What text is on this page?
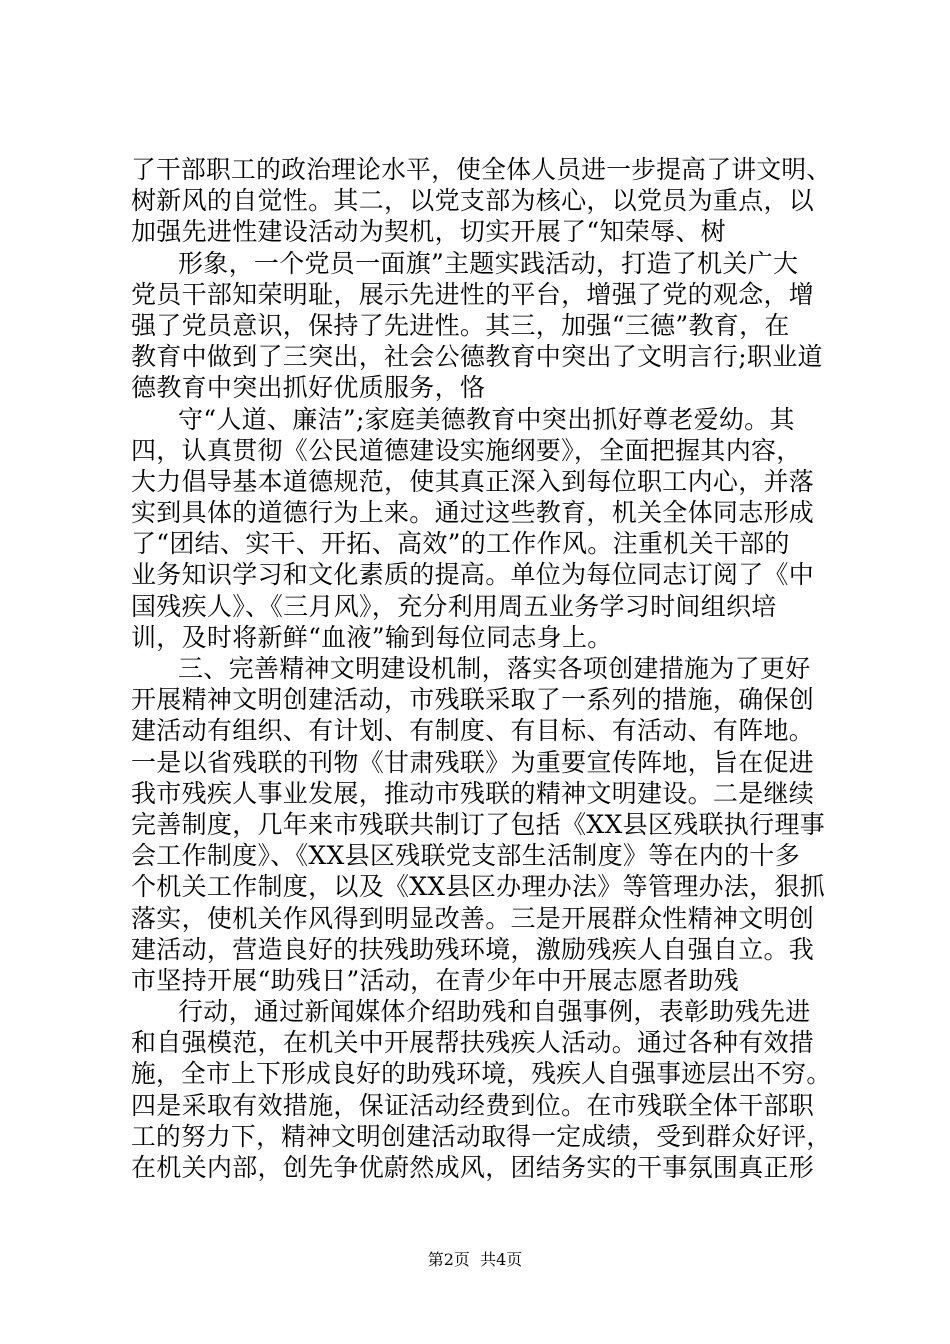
了干部职工的政治理论水平，使全体人员进一步提高了讲文明、
树新风的自觉性。其二，以党支部为核心，以党员为重点，以
加强先进性建设活动为契机，切实开展了“知荣辱、树
形象，一个党员一面旗”主题实践活动，打造了机关广大
党员干部知荣明耻，展示先进性的平台，增强了党的观念，增
强了党员意识，保持了先进性。其三，加强“三德”教育，在
教育中做到了三突出，社会公德教育中突出了文明言行;职业道
德教育中突出抓好优质服务，恪
守“人道、廉洁”;家庭美德教育中突出抓好尊老爱幼。其
四，认真贯彻《公民道德建设实施纲要》，全面把握其内容，
大力倡导基本道德规范，使其真正深入到每位职工内心，并落
实到具体的道德行为上来。通过这些教育，机关全体同志形成
了“团结、实干、开拓、高效”的工作作风。注重机关干部的
业务知识学习和文化素质的提高。单位为每位同志订阅了《中
国残疾人》、《三月风》，充分利用周五业务学习时间组织培
训，及时将新鲜“血液”输到每位同志身上。
三、完善精神文明建设机制，落实各项创建措施为了更好
开展精神文明创建活动，市残联采取了一系列的措施，确保创
建活动有组织、有计划、有制度、有目标、有活动、有阵地。
一是以省残联的刊物《甘肃残联》为重要宣传阵地，旨在促进
我市残疾人事业发展，推动市残联的精神文明建设。二是继续
完善制度，几年来市残联共制订了包括《XX县区残联执行理事
会工作制度》、《XX县区残联党支部生活制度》等在内的十多
个机关工作制度，以及《XX县区办理办法》等管理办法，狠抓
落实，使机关作风得到明显改善。三是开展群众性精神文明创
建活动，营造良好的扶残助残环境，激励残疾人自强自立。我
市坚持开展“助残日”活动，在青少年中开展志愿者助残
行动，通过新闻媒体介绍助残和自强事例，表彰助残先进
和自强模范，在机关中开展帮扶残疾人活动。通过各种有效措
施，全市上下形成良好的助残环境，残疾人自强事迹层出不穷。
四是采取有效措施，保证活动经费到位。在市残联全体干部职
工的努力下，精神文明创建活动取得一定成绩，受到群众好评，
在机关内部，创先争优蔚然成风，团结务实的干事氛围真正形
第2页  共4页
